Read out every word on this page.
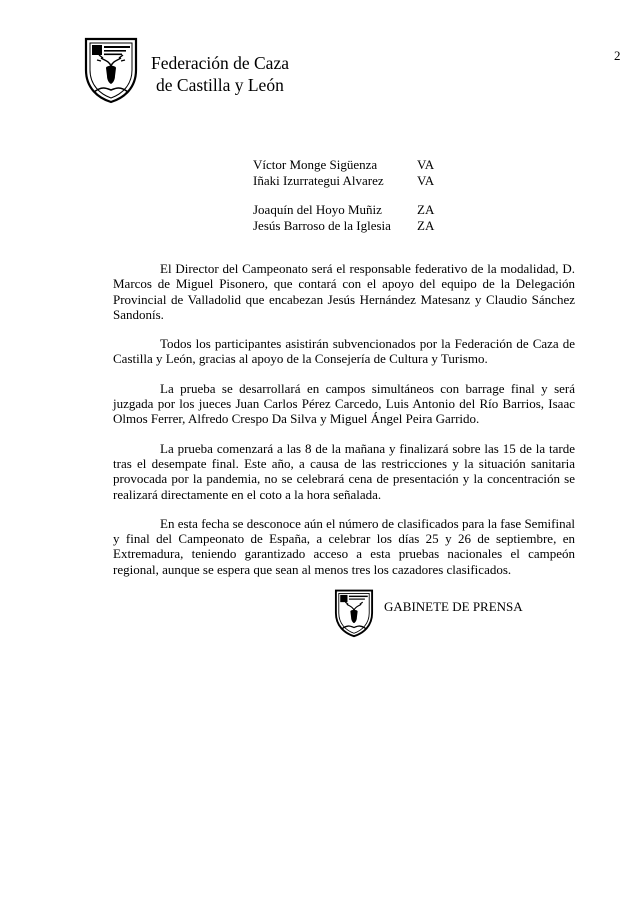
2
Federación de Caza
de Castilla y León
Víctor Monge Sigüenza	VA
Iñaki Izurrategui Alvarez	VA
Joaquín del Hoyo Muñiz	ZA
Jesús Barroso de la Iglesia	ZA

El Director del Campeonato será el responsable federativo de la modalidad, D. Marcos de Miguel Pisonero, que contará con el apoyo del equipo de la Delegación Provincial de Valladolid que encabezan Jesús Hernández Matesanz y Claudio Sánchez Sandonís.

Todos los participantes asistirán subvencionados por la Federación de Caza de Castilla y León, gracias al apoyo de la Consejería de Cultura y Turismo.

La prueba se desarrollará en campos simultáneos con barrage final y será juzgada por los jueces Juan Carlos Pérez Carcedo, Luis Antonio del Río Barrios, Isaac Olmos Ferrer, Alfredo Crespo Da Silva y Miguel Ángel Peira Garrido.

La prueba comenzará a las 8 de la mañana y finalizará sobre las 15 de la tarde tras el desempate final. Este año, a causa de las restricciones y la situación sanitaria provocada por la pandemia, no se celebrará cena de presentación y la concentración se realizará directamente en el coto a la hora señalada.

En esta fecha se desconoce aún el número de clasificados para la fase Semifinal y final del Campeonato de España, a celebrar los días 25 y 26 de septiembre, en Extremadura, teniendo garantizado acceso a esta pruebas nacionales el campeón regional, aunque se espera que sean al menos tres los cazadores clasificados.

GABINETE DE PRENSA
